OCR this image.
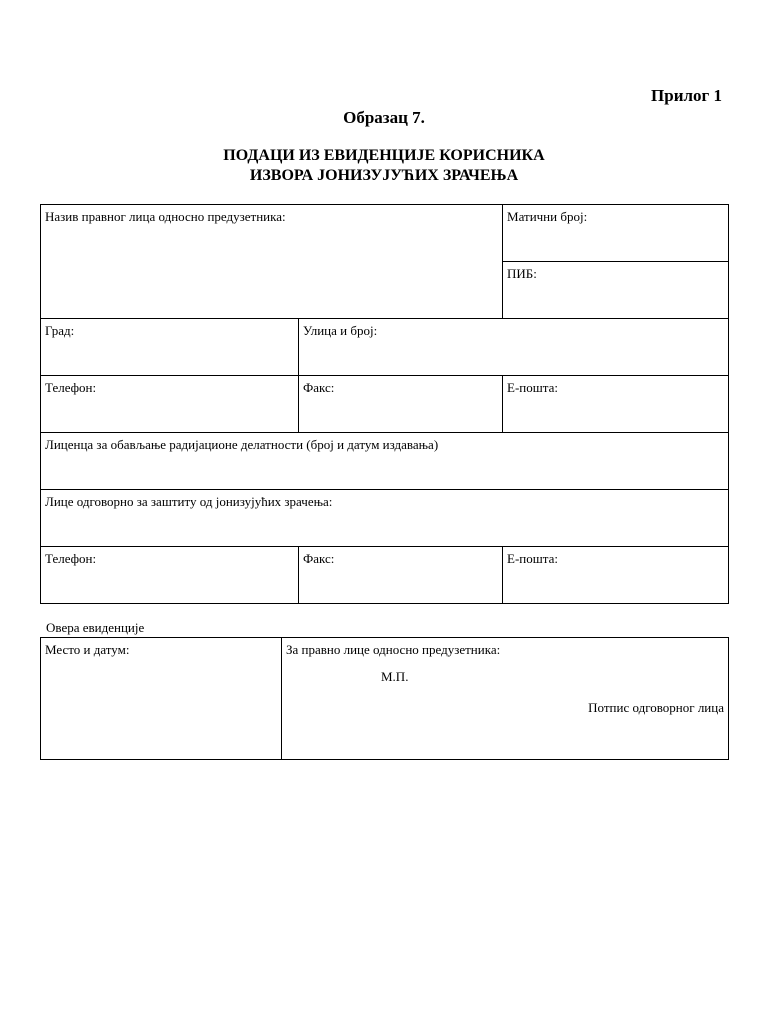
Прилог 1

Образац 7.

ПОДАЦИ ИЗ ЕВИДЕНЦИЈЕ КОРИСНИКА
ИЗВОРА ЈОНИЗУЈУЋИХ ЗРАЧЕЊА
Назив правног лица односно предузетника:		Матични број:
		ПИБ:
Град:	Улица и број:	
Телефон:	Факс:	Е-пошта:
Лиценца за обављање радијационе делатности (број и датум издавања)		
Лице одговорно за заштиту од јонизујућих зрачења:		
Телефон:	Факс:	Е-пошта:

Овера евиденције

Место и датум:	За правно лице односно предузетника:
М.П.
Потпис одговорног лица
